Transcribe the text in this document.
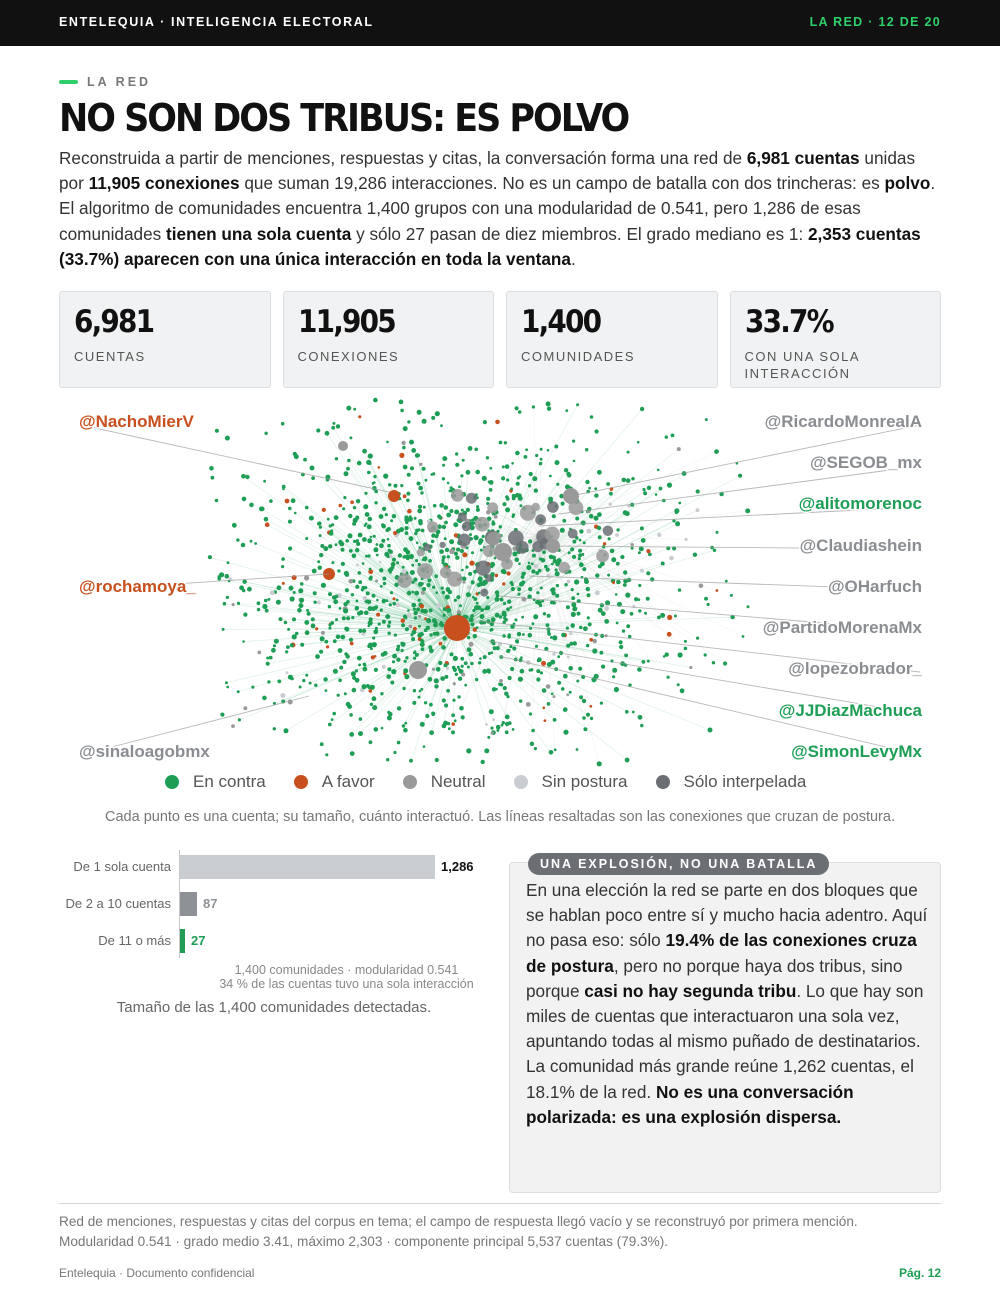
ENTELEQUIA · INTELIGENCIA ELECTORAL	LA RED · 12 DE 20
LA RED
NO SON DOS TRIBUS: ES POLVO

Reconstruida a partir de menciones, respuestas y citas, la conversación forma una red de 6,981 cuentas unidas por 11,905 conexiones que suman 19,286 interacciones. No es un campo de batalla con dos trincheras: es polvo. El algoritmo de comunidades encuentra 1,400 grupos con una modularidad de 0.541, pero 1,286 de esas comunidades tienen una sola cuenta y sólo 27 pasan de diez miembros. El grado mediano es 1: 2,353 cuentas (33.7%) aparecen con una única interacción en toda la ventana.

6,981
CUENTAS
11,905
CONEXIONES
1,400
COMUNIDADES
33.7%
CON UNA SOLA INTERACCIÓN
@NachoMierV
@rochamoya_
@sinaloagobmx
@RicardoMonrealA
@SEGOB_mx
@alitomorenoc
@Claudiashein
@OHarfuch
@PartidoMorenaMx
@lopezobrador_
@JJDiazMachuca
@SimonLevyMx
En contra	A favor	Neutral	Sin postura	Sólo interpelada
Cada punto es una cuenta; su tamaño, cuánto interactuó. Las líneas resaltadas son las conexiones que cruzan de postura.
1,400 comunidades · modularidad 0.541
34 % de las cuentas tuvo una sola interacción
Tamaño de las 1,400 comunidades detectadas.
De 1 sola cuenta	1,286
De 2 a 10 cuentas 87
De 11 o más 27
UNA EXPLOSIÓN, NO UNA BATALLA

En una elección la red se parte en dos bloques que se hablan poco entre sí y mucho hacia adentro. Aquí no pasa eso: sólo 19.4% de las conexiones cruza de postura, pero no porque haya dos tribus, sino porque casi no hay segunda tribu. Lo que hay son miles de cuentas que interactuaron una sola vez, apuntando todas al mismo puñado de destinatarios. La comunidad más grande reúne 1,262 cuentas, el 18.1% de la red. No es una conversación polarizada: es una explosión dispersa.

Red de menciones, respuestas y citas del corpus en tema; el campo de respuesta llegó vacío y se reconstruyó por primera mención. Modularidad 0.541 · grado medio 3.41, máximo 2,303 · componente principal 5,537 cuentas (79.3%).
Entelequia · Documento confidencial	Pág. 12
